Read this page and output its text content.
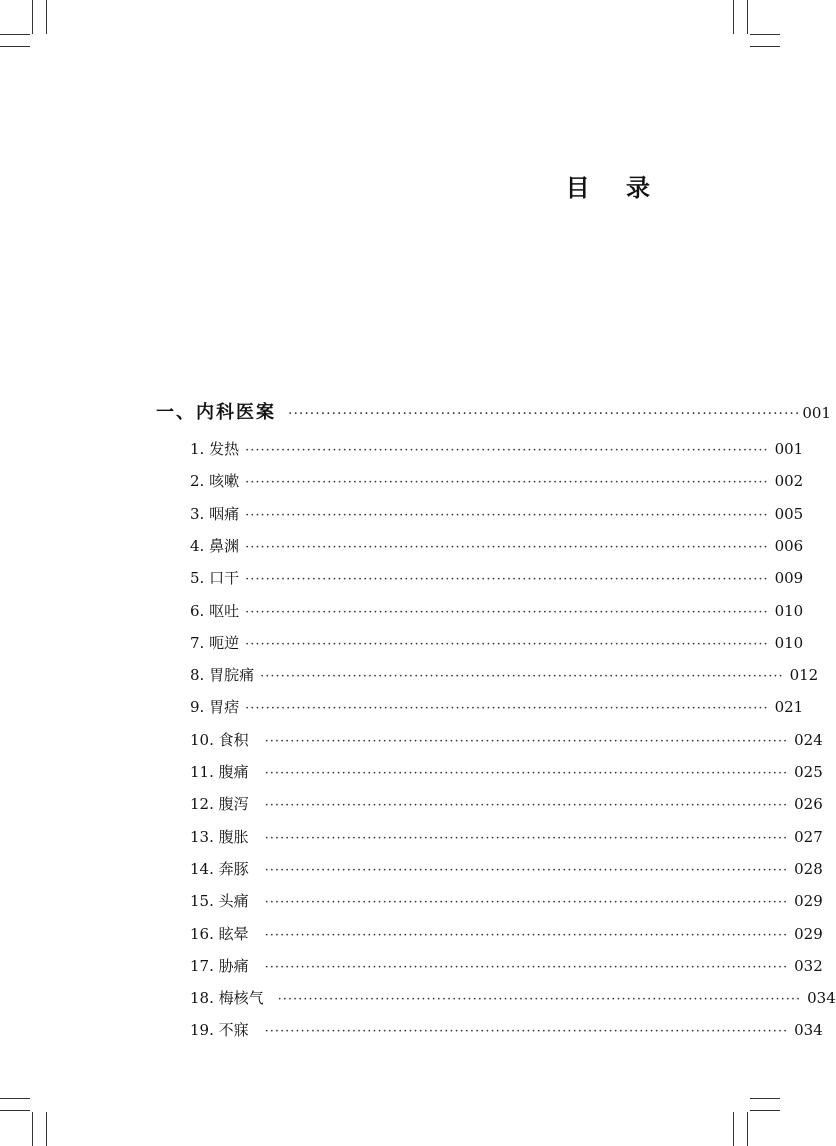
目 录
一、内科医案 ······························································································ 001
1. 发热 ······································································································ 001
2. 咳嗽 ······································································································ 002
3. 咽痛 ······································································································ 005
4. 鼻渊 ······································································································ 006
5. 口干 ······································································································ 009
6. 呕吐 ······································································································ 010
7. 呃逆 ······································································································ 010
8. 胃脘痛 ······································································································ 012
9. 胃痞 ······································································································ 021
10. 食积 ······································································································ 024
11. 腹痛 ······································································································ 025
12. 腹泻 ······································································································ 026
13. 腹胀 ······································································································ 027
14. 奔豚 ······································································································ 028
15. 头痛 ······································································································ 029
16. 眩晕 ······································································································ 029
17. 胁痛 ······································································································ 032
18. 梅核气 ······································································································ 034
19. 不寐 ······································································································ 034
